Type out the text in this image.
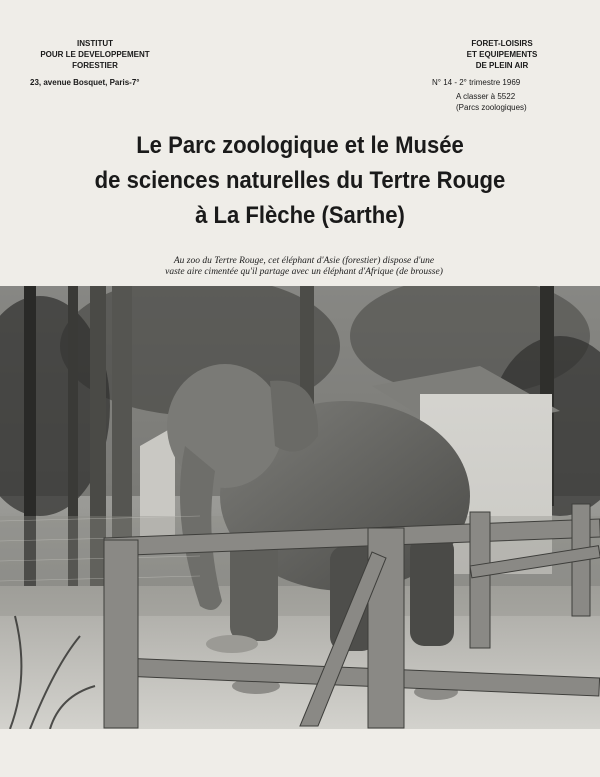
INSTITUT
POUR LE DEVELOPPEMENT
FORESTIER
23, avenue Bosquet, Paris-7°
FORET-LOISIRS
ET EQUIPEMENTS
DE PLEIN AIR
N° 14 - 2° trimestre 1969
A classer à 5522
(Parcs zoologiques)
Le Parc zoologique et le Musée
de sciences naturelles du Tertre Rouge
à La Flèche (Sarthe)
Au zoo du Tertre Rouge, cet éléphant d'Asie (forestier) dispose d'une
vaste aire cimentée qu'il partage avec un éléphant d'Afrique (de brousse)
